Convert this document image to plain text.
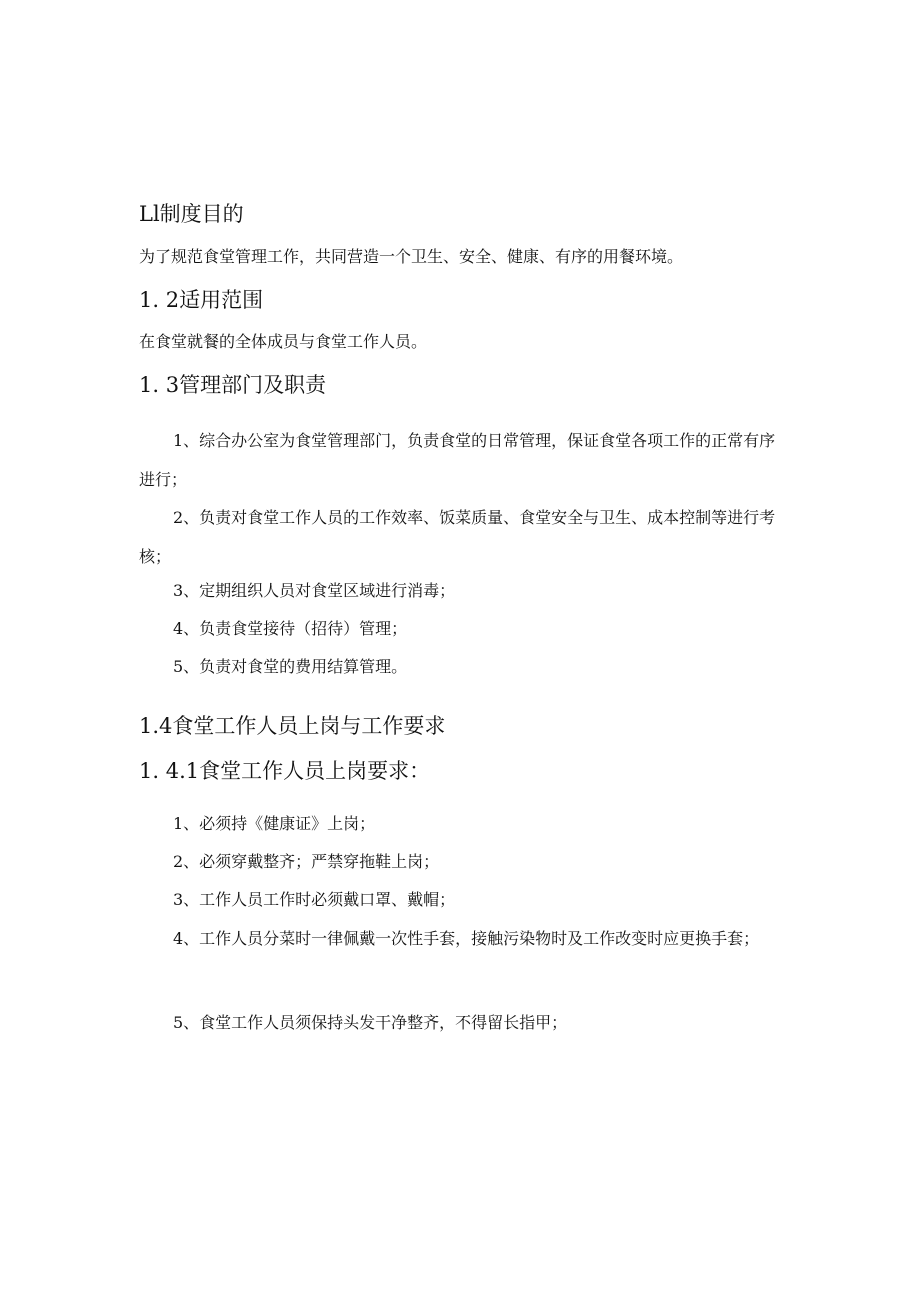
Ll制度目的
为了规范食堂管理工作，共同营造一个卫生、安全、健康、有序的用餐环境。
1. 2适用范围
在食堂就餐的全体成员与食堂工作人员。
1. 3管理部门及职责

1、综合办公室为食堂管理部门，负责食堂的日常管理，保证食堂各项工作的正常有序进行；

2、负责对食堂工作人员的工作效率、饭菜质量、食堂安全与卫生、成本控制等进行考核；

3、定期组织人员对食堂区域进行消毒；
4、负责食堂接待（招待）管理；
5、负责对食堂的费用结算管理。
1.4食堂工作人员上岗与工作要求
1. 4.1食堂工作人员上岗要求：
1、必须持《健康证》上岗；
2、必须穿戴整齐；严禁穿拖鞋上岗；
3、工作人员工作时必须戴口罩、戴帽；

4、工作人员分菜时一律佩戴一次性手套，接触污染物时及工作改变时应更换手套；

5、食堂工作人员须保持头发干净整齐，不得留长指甲；
